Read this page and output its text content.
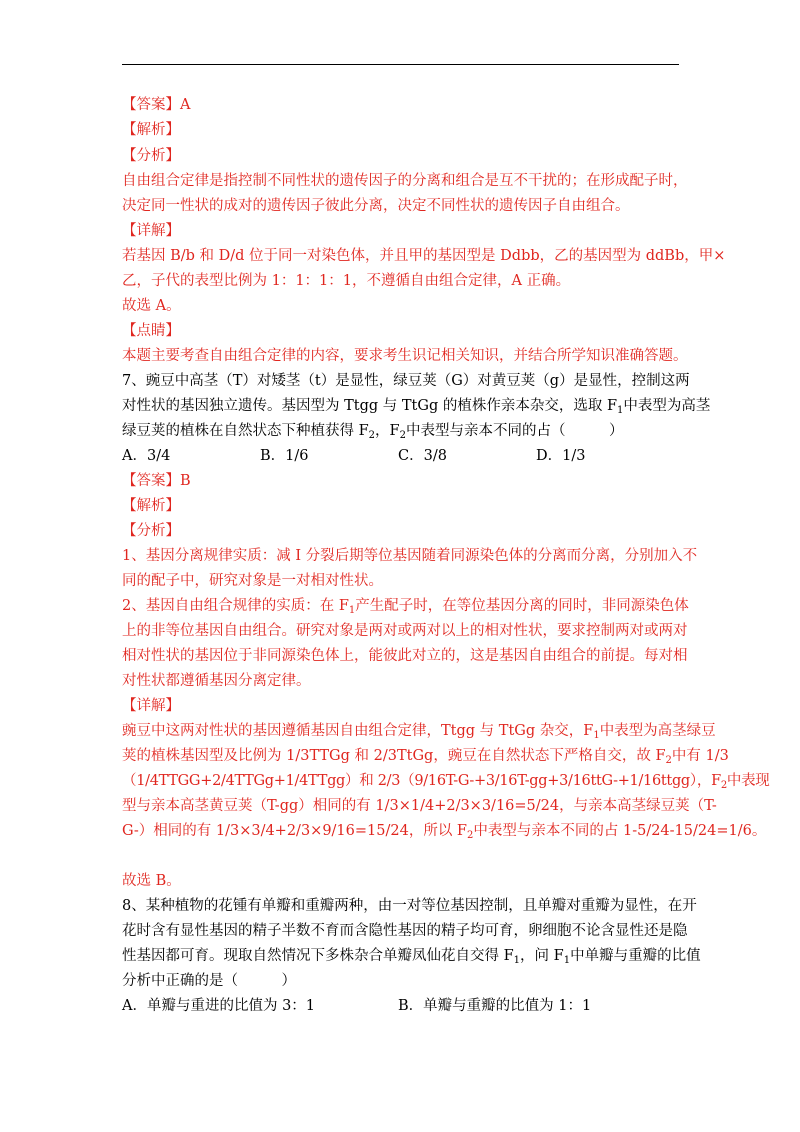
【答案】A
【解析】
【分析】
自由组合定律是指控制不同性状的遗传因子的分离和组合是互不干扰的；在形成配子时，
决定同一性状的成对的遗传因子彼此分离，决定不同性状的遗传因子自由组合。
【详解】
若基因 B/b 和 D/d 位于同一对染色体，并且甲的基因型是 Ddbb，乙的基因型为 ddBb，甲×
乙，子代的表型比例为 1：1：1：1，不遵循自由组合定律，A 正确。
故选 A。
【点睛】
本题主要考查自由组合定律的内容，要求考生识记相关知识，并结合所学知识准确答题。
7、豌豆中高茎（T）对矮茎（t）是显性，绿豆荚（G）对黄豆荚（g）是显性，控制这两
对性状的基因独立遗传。基因型为 Ttgg 与 TtGg 的植株作亲本杂交，选取 $F_1$中表型为高茎
绿豆荚的植株在自然状态下种植获得 $F_2$，$F_2$中表型与亲本不同的占（　　　）
A．3/4	B．1/6	C．3/8	D．1/3
【答案】B
【解析】
【分析】
1、基因分离规律实质：减 I 分裂后期等位基因随着同源染色体的分离而分离，分别加入不
同的配子中，研究对象是一对相对性状。
2、基因自由组合规律的实质：在 $F_1$产生配子时，在等位基因分离的同时，非同源染色体
上的非等位基因自由组合。研究对象是两对或两对以上的相对性状，要求控制两对或两对
相对性状的基因位于非同源染色体上，能彼此对立的，这是基因自由组合的前提。每对相
对性状都遵循基因分离定律。
【详解】
豌豆中这两对性状的基因遵循基因自由组合定律，Ttgg 与 TtGg 杂交，$F_1$中表型为高茎绿豆
荚的植株基因型及比例为 1/3TTGg 和 2/3TtGg，豌豆在自然状态下严格自交，故 $F_2$中有 1/3
（1/4TTGG+2/4TTGg+1/4TTgg）和 2/3（9/16T-G-+3/16T-gg+3/16ttG-+1/16ttgg），$F_2$中表现
型与亲本高茎黄豆荚（T-gg）相同的有 1/3×1/4+2/3×3/16=5/24，与亲本高茎绿豆荚（T-
G-）相同的有 1/3×3/4+2/3×9/16=15/24，所以 $F_2$中表型与亲本不同的占 1-5/24-15/24=1/6。
故选 B。
8、某种植物的花锺有单瓣和重瓣两种，由一对等位基因控制，且单瓣对重瓣为显性，在开
花时含有显性基因的精子半数不育而含隐性基因的精子均可育，卵细胞不论含显性还是隐
性基因都可育。现取自然情况下多株杂合单瓣凤仙花自交得 $F_1$，问 $F_1$中单瓣与重瓣的比值
分析中正确的是（　　　）
A．单瓣与重进的比值为 3：1	B．单瓣与重瓣的比值为 1：1
